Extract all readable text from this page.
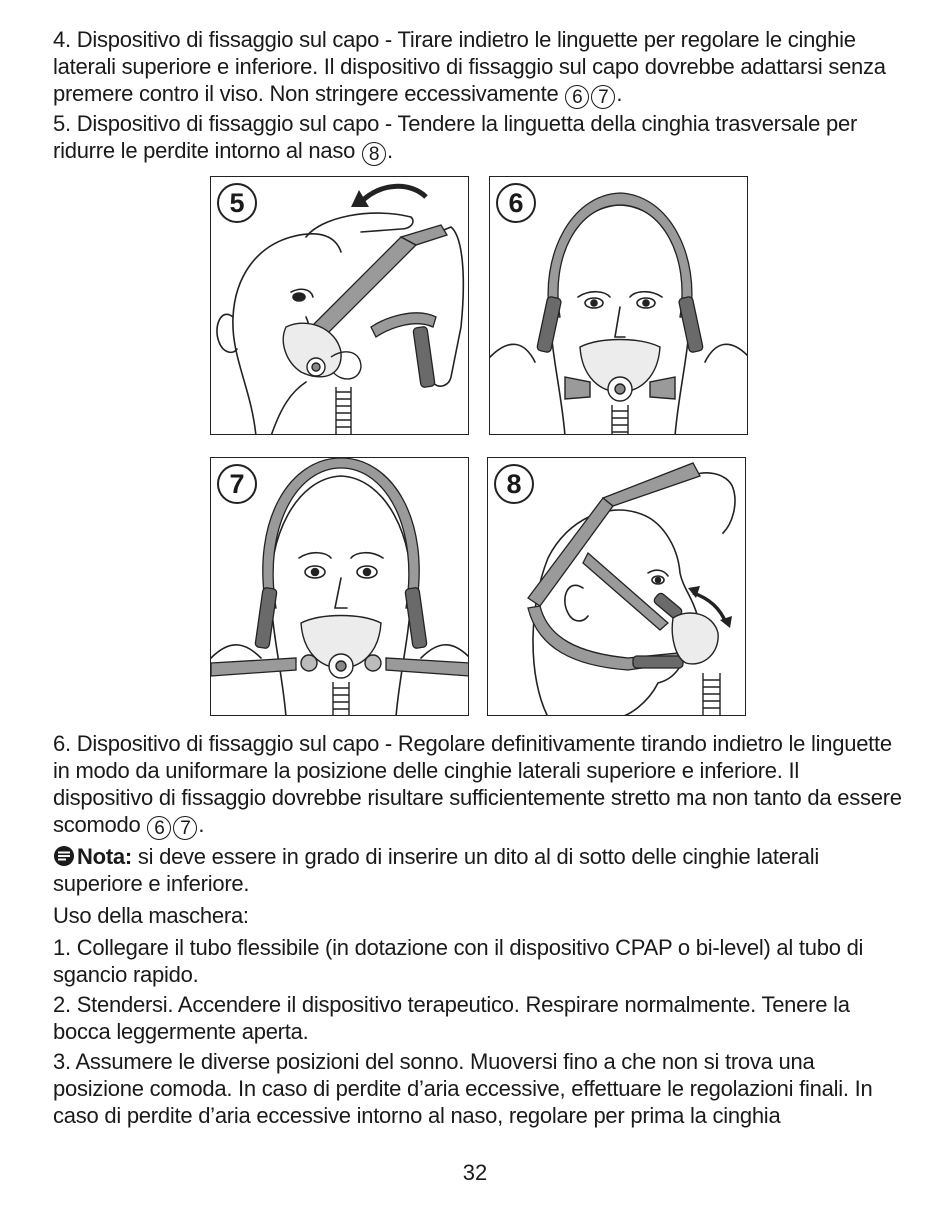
4. Dispositivo di fissaggio sul capo - Tirare indietro le linguette per regolare le cinghie laterali superiore e inferiore. Il dispositivo di fissaggio sul capo dovrebbe adattarsi senza premere contro il viso. Non stringere eccessivamente 6 7 .

5. Dispositivo di fissaggio sul capo - Tendere la linguetta della cinghia trasversale per ridurre le perdite intorno al naso 8 .

5	6
7	8

6. Dispositivo di fissaggio sul capo - Regolare definitivamente tirando indietro le linguette in modo da uniformare la posizione delle cinghie laterali superiore e inferiore. Il dispositivo di fissaggio dovrebbe risultare sufficientemente stretto ma non tanto da essere scomodo 6 7 .

Nota: si deve essere in grado di inserire un dito al di sotto delle cinghie laterali superiore e inferiore.

Uso della maschera:

1. Collegare il tubo flessibile (in dotazione con il dispositivo CPAP o bi-level) al tubo di sgancio rapido.

2. Stendersi. Accendere il dispositivo terapeutico. Respirare normalmente. Tenere la bocca leggermente aperta.

3. Assumere le diverse posizioni del sonno. Muoversi fino a che non si trova una posizione comoda. In caso di perdite d’aria eccessive, effettuare le regolazioni finali. In caso di perdite d’aria eccessive intorno al naso, regolare per prima la cinghia

32
